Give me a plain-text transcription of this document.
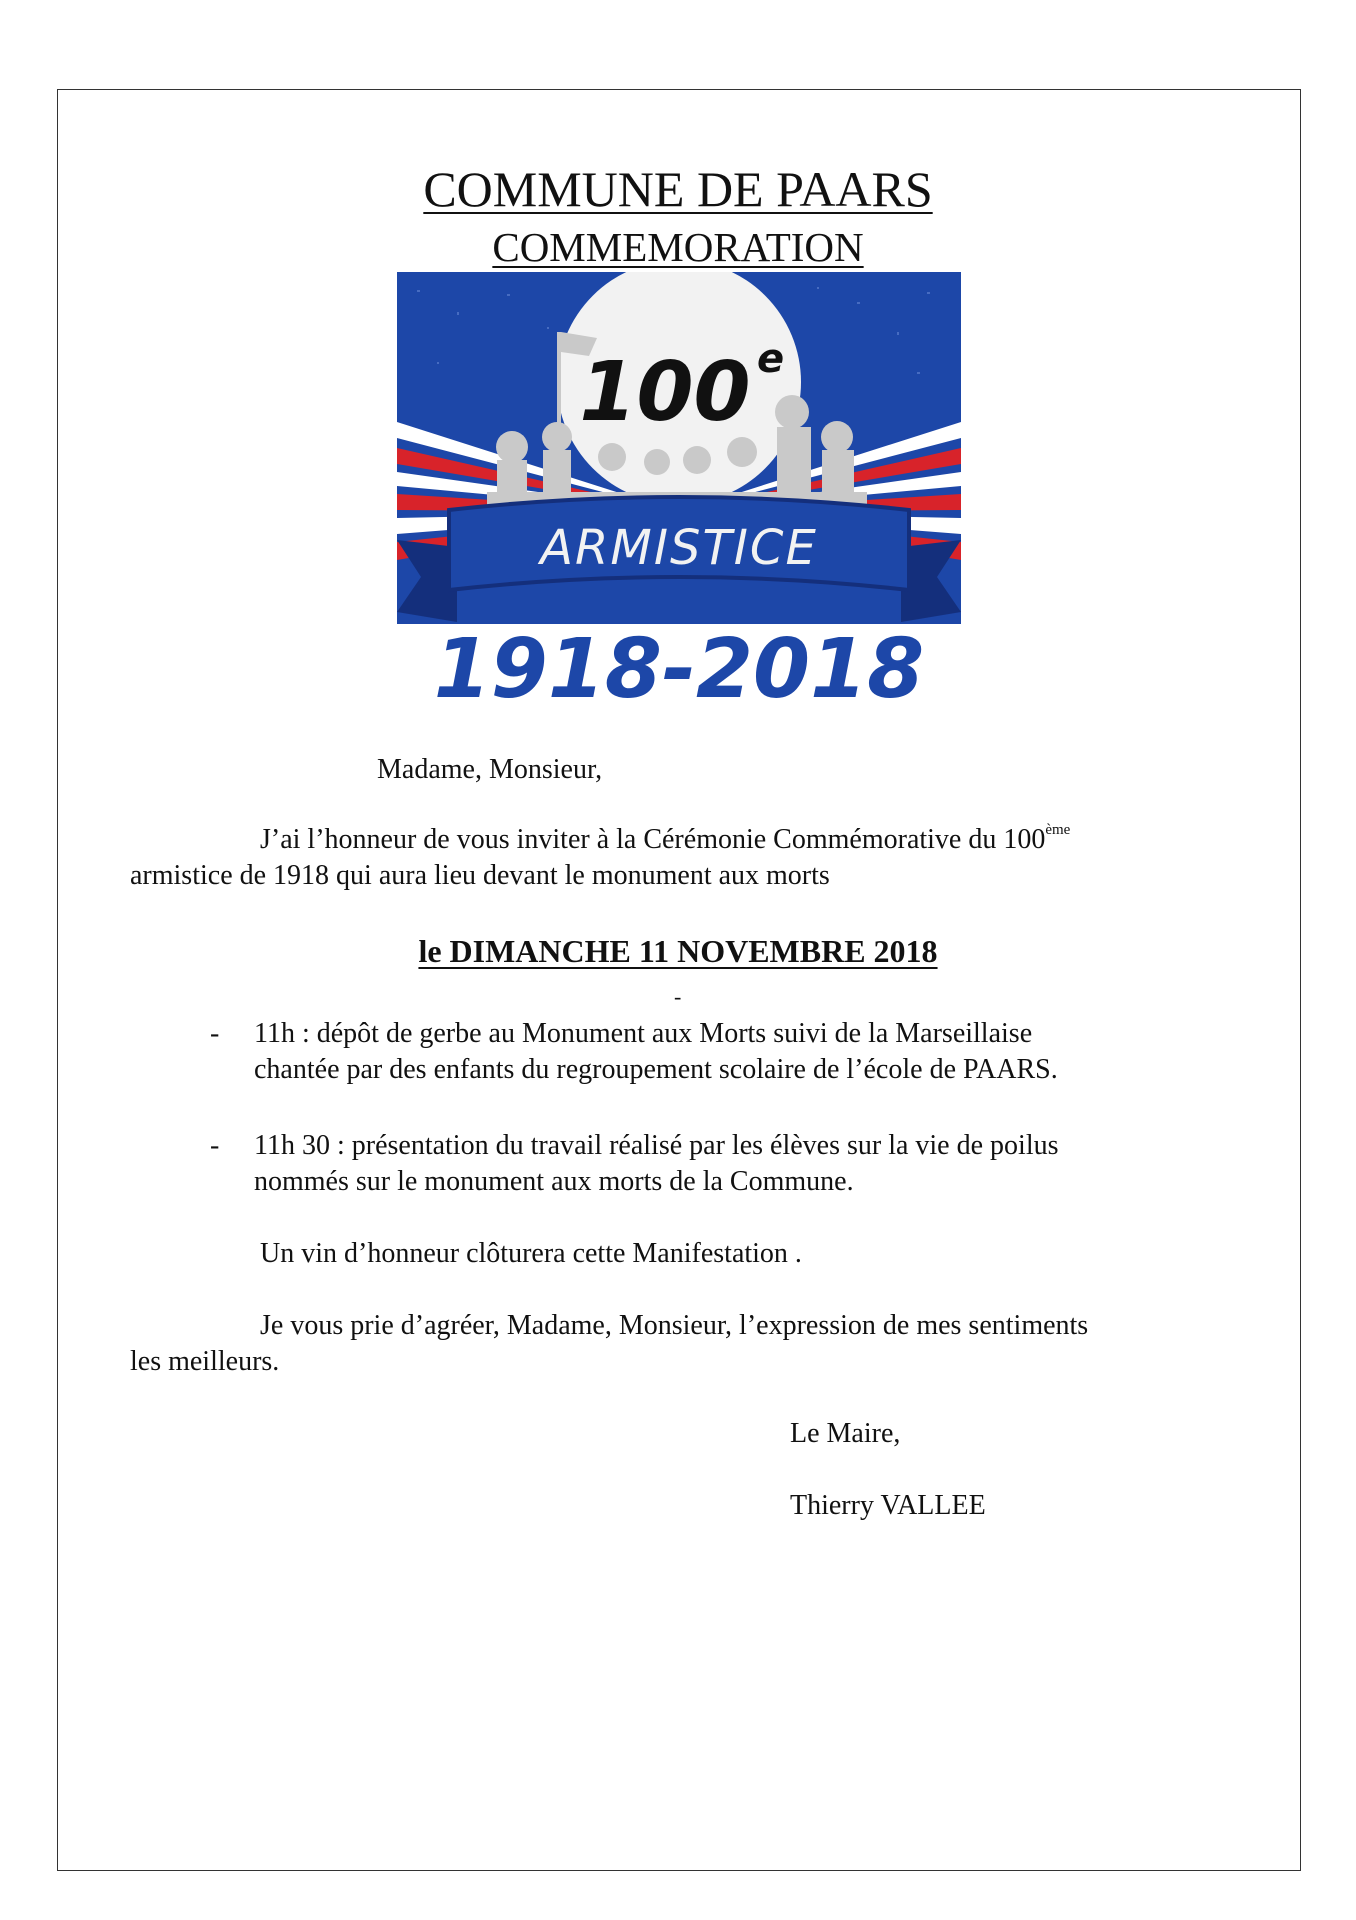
COMMUNE DE PAARS
COMMEMORATION
100 e
ARMISTICE
1918-2018
Madame, Monsieur,
J’ai l’honneur de vous inviter à la Cérémonie Commémorative du 100ème
armistice de 1918 qui aura lieu devant le monument aux morts
le DIMANCHE 11 NOVEMBRE 2018
-
- 11h : dépôt de gerbe au Monument aux Morts suivi de la Marseillaise
chantée par des enfants du regroupement scolaire de l’école de PAARS.
- 11h 30 : présentation du travail réalisé par les élèves sur la vie de poilus
nommés sur le monument aux morts de la Commune.
Un vin d’honneur clôturera cette Manifestation .
Je vous prie d’agréer, Madame, Monsieur, l’expression de mes sentiments
les meilleurs.
Le Maire,
Thierry VALLEE
